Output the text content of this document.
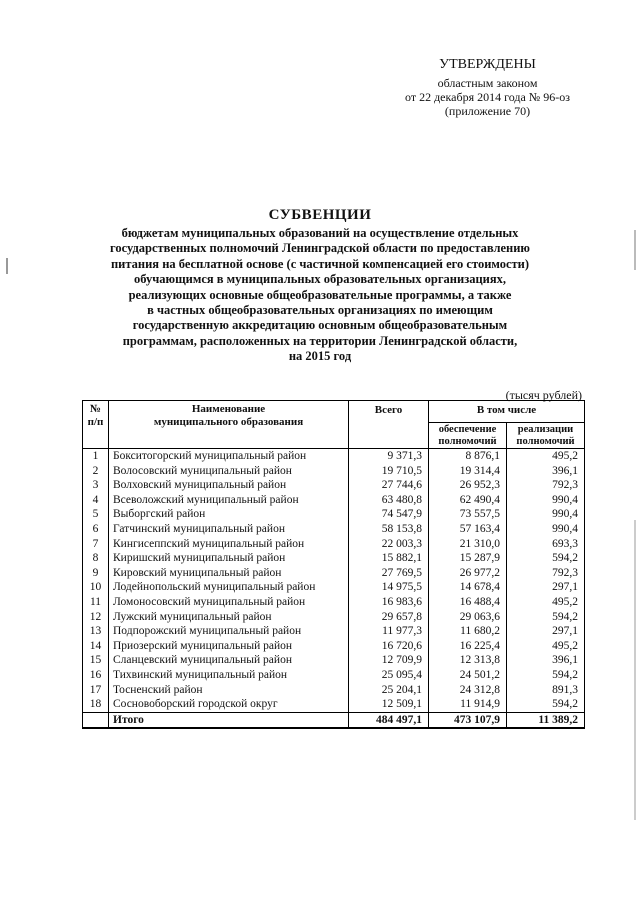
УТВЕРЖДЕНЫ
областным законом
от 22 декабря 2014 года № 96-оз
(приложение 70)
СУБВЕНЦИИ
бюджетам муниципальных образований на осуществление отдельных
государственных полномочий Ленинградской области по предоставлению
питания на бесплатной основе (с частичной компенсацией его стоимости)
обучающимся в муниципальных образовательных организациях,
реализующих основные общеобразовательные программы, а также
в частных общеобразовательных организациях по имеющим
государственную аккредитацию основным общеобразовательным
программам, расположенных на территории Ленинградской области,
на 2015 год
(тысяч рублей)
№ п/п	Наименование муниципального образования	Всего	В том числе	
			обеспечение полномочий	реализации полномочий
1	Бокситогорский муниципальный район	9 371,3	8 876,1	495,2
2	Волосовский муниципальный район	19 710,5	19 314,4	396,1
3	Волховский муниципальный район	27 744,6	26 952,3	792,3
4	Всеволожский муниципальный район	63 480,8	62 490,4	990,4
5	Выборгский район	74 547,9	73 557,5	990,4
6	Гатчинский муниципальный район	58 153,8	57 163,4	990,4
7	Кингисеппский муниципальный район	22 003,3	21 310,0	693,3
8	Киришский муниципальный район	15 882,1	15 287,9	594,2
9	Кировский муниципальный район	27 769,5	26 977,2	792,3
10	Лодейнопольский муниципальный район	14 975,5	14 678,4	297,1
11	Ломоносовский муниципальный район	16 983,6	16 488,4	495,2
12	Лужский муниципальный район	29 657,8	29 063,6	594,2
13	Подпорожский муниципальный район	11 977,3	11 680,2	297,1
14	Приозерский муниципальный район	16 720,6	16 225,4	495,2
15	Сланцевский муниципальный район	12 709,9	12 313,8	396,1
16	Тихвинский муниципальный район	25 095,4	24 501,2	594,2
17	Тосненский район	25 204,1	24 312,8	891,3
18	Сосновоборский городской округ	12 509,1	11 914,9	594,2
	Итого	484 497,1	473 107,9	11 389,2
